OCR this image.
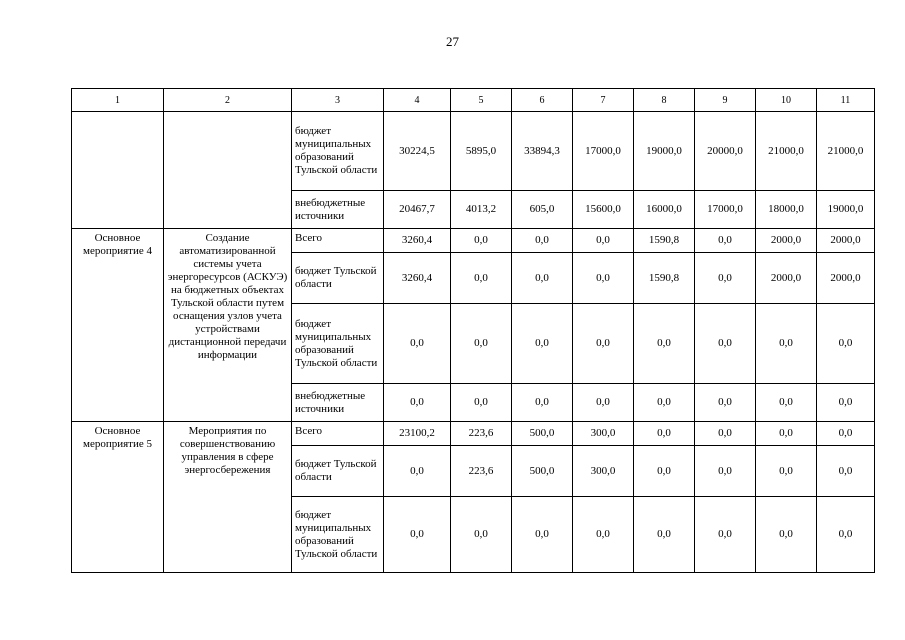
27
1	2	3	4	5	6	7	8	9	10	11
		бюджет муниципальных образований Тульской области	30224,5	5895,0	33894,3	17000,0	19000,0	20000,0	21000,0	21000,0
		внебюджетные источники	20467,7	4013,2	605,0	15600,0	16000,0	17000,0	18000,0	19000,0
Основное мероприятие 4	Создание автоматизированной системы учета энергоресурсов (АСКУЭ) на бюджетных объектах Тульской области путем оснащения узлов учета устройствами дистанционной передачи информации	Всего	3260,4	0,0	0,0	0,0	1590,8	0,0	2000,0	2000,0
		бюджет Тульской области	3260,4	0,0	0,0	0,0	1590,8	0,0	2000,0	2000,0
		бюджет муниципальных образований Тульской области	0,0	0,0	0,0	0,0	0,0	0,0	0,0	0,0
		внебюджетные источники	0,0	0,0	0,0	0,0	0,0	0,0	0,0	0,0
Основное мероприятие 5	Мероприятия по совершенствованию управления в сфере энергосбережения	Всего	23100,2	223,6	500,0	300,0	0,0	0,0	0,0	0,0
		бюджет Тульской области	0,0	223,6	500,0	300,0	0,0	0,0	0,0	0,0
		бюджет муниципальных образований Тульской области	0,0	0,0	0,0	0,0	0,0	0,0	0,0	0,0
